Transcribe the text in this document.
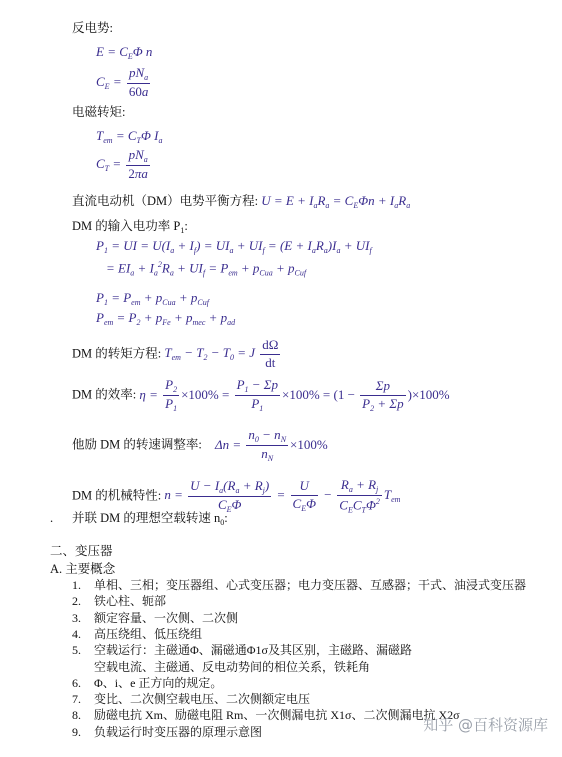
反电势:
$E = C_E\Phi$ n
$C_E = \frac{pN_a}{60a}$
电磁转矩:
$T_{em} = C_T\Phi$ $I_a$
$C_T = \frac{pN_a}{2\pi a}$
直流电动机（DM）电势平衡方程: $U = E + I_aR_a = C_E\Phi n + I_aR_a$
DM 的输入电功率 $P_1$:
$P_1$ = UI = $U(I_a + I_f) = UI_a + UI_f = (E + I_aR_a)I_a + UI_f$
= $EI_a + I_a^2R_a + UI_f = P_{em} + p_{Cua} + p_{Cuf}$
$P_1 = P_{em} + p_{Cua} + p_{Cuf}$
$P_{em} = P_2 + p_{Fe} + p_{mec} + p_{ad}$
DM 的转矩方程: $T_{em} - T_2 - T_0 = J \frac{d\Omega}{dt}$
DM 的效率: $\eta = \frac{P_2}{P_1} \times 100\% = \frac{P_1 - \Sigma p}{P_1} \times 100\% = (1 - \frac{\Sigma p}{P_2 + \Sigma p} )\times 100\%$
他励 DM 的转速调整率: $\Delta n = \frac{n_0 - n_N}{n_N} \times 100\%$
DM 的机械特性: $n = \frac{U - I_a(R_a + R_j)}{C_E\Phi} = \frac{U}{C_E\Phi} - \frac{R_a + R_j}{C_EC_T\Phi^2} T_{em}$
. 并联 DM 的理想空载转速 $n_0$:
二、变压器
A. 主要概念
1. 单相、三相；变压器组、心式变压器；电力变压器、互感器；干式、油浸式变压器
2. 铁心柱、轭部
3. 额定容量、一次侧、二次侧
4. 高压绕组、低压绕组
5. 空载运行：主磁通Φ、漏磁通Φ1σ及其区别，主磁路、漏磁路
空载电流、主磁通、反电动势间的相位关系，铁耗角
6. Φ、i、e 正方向的规定。
7. 变比、二次侧空载电压、二次侧额定电压
8. 励磁电抗 Xm、励磁电阻 Rm、一次侧漏电抗 X1σ、二次侧漏电抗 X2σ
9. 负载运行时变压器的原理示意图	知乎 @百科资源库
